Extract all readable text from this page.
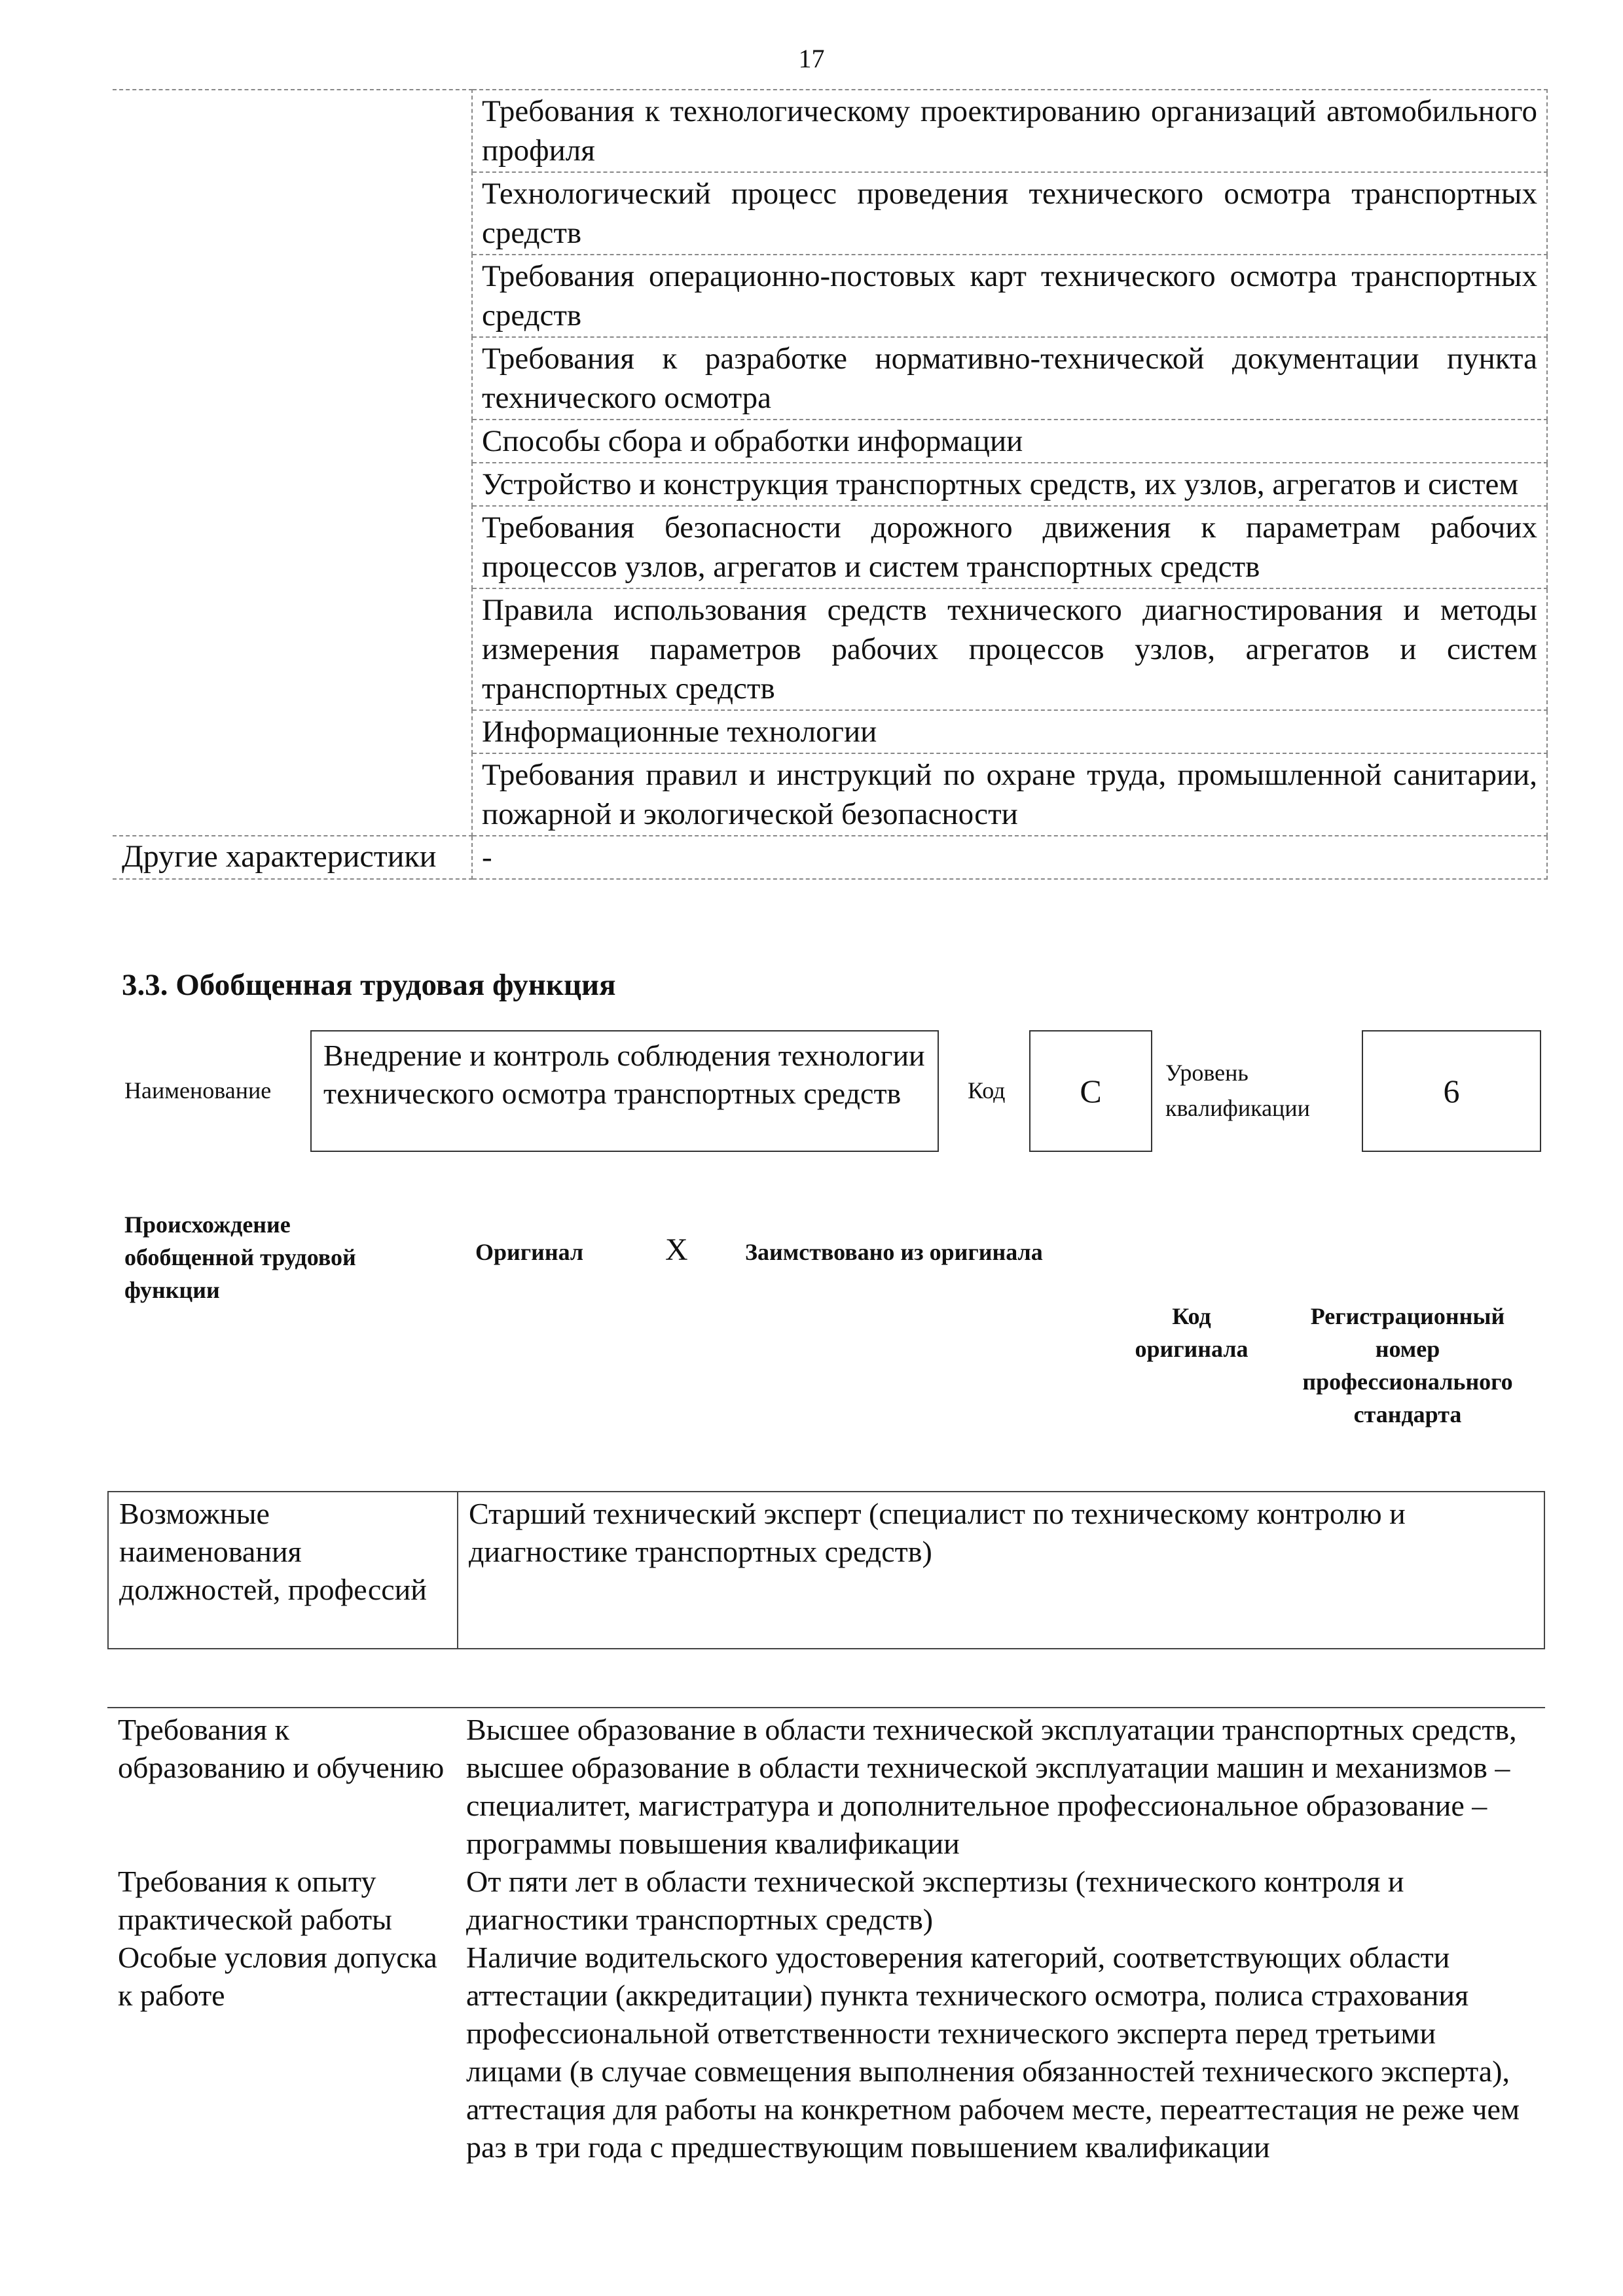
17
	Требования к технологическому проектированию организаций автомобильного профиля
	Технологический процесс проведения технического осмотра транспортных средств
	Требования операционно-постовых карт технического осмотра транспортных средств
	Требования к разработке нормативно-технической документации пункта технического осмотра
	Способы сбора и обработки информации
	Устройство и конструкция транспортных средств, их узлов, агрегатов и систем
	Требования безопасности дорожного движения к параметрам рабочих процессов узлов, агрегатов и систем транспортных средств
	Правила использования средств технического диагностирования и методы измерения параметров рабочих процессов узлов, агрегатов и систем транспортных средств
	Информационные технологии
	Требования правил и инструкций по охране труда, промышленной санитарии, пожарной и экологической безопасности
Другие характеристики	-
3.3. Обобщенная трудовая функция
Наименование
Внедрение и контроль соблюдения технологии технического осмотра транспортных средств	Код	C	Уровень квалификации	6
Происхождение обобщенной трудовой функции
Оригинал	X Заимствовано из оригинала
Код оригинала
Регистрационный номер профессионального стандарта
Возможные наименования должностей, профессий	Старший технический эксперт (специалист по техническому контролю и диагностике транспортных средств)
Требования к образованию и обучению	Высшее образование в области технической эксплуатации транспортных средств, высшее образование в области технической эксплуатации машин и механизмов – специалитет, магистратура и дополнительное профессиональное образование – программы повышения квалификации
Требования к опыту практической работы	От пяти лет в области технической экспертизы (технического контроля и диагностики транспортных средств)
Особые условия допуска к работе	Наличие водительского удостоверения категорий, соответствующих области аттестации (аккредитации) пункта технического осмотра, полиса страхования профессиональной ответственности технического эксперта перед третьими лицами (в случае совмещения выполнения обязанностей технического эксперта), аттестация для работы на конкретном рабочем месте, переаттестация не реже чем раз в три года с предшествующим повышением квалификации
